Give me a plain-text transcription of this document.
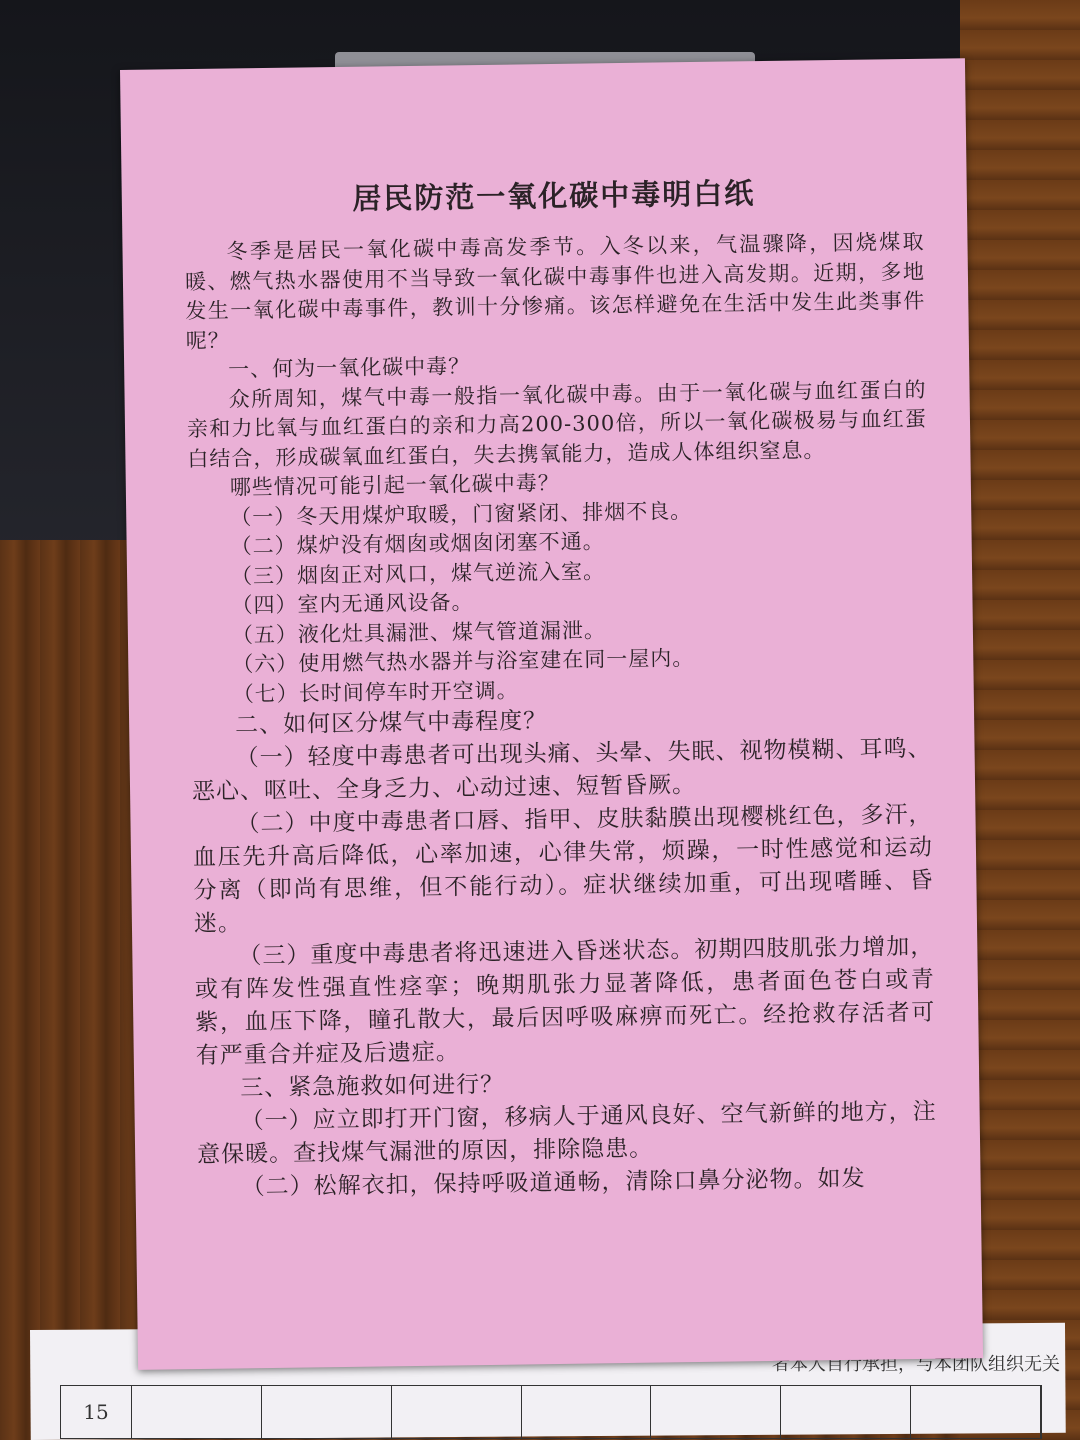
者本人自行承担，与本团队组织无关
15
居民防范一氧化碳中毒明白纸

冬季是居民一氧化碳中毒高发季节。入冬以来，气温骤降，因烧煤取暖、燃气热水器使用不当导致一氧化碳中毒事件也进入高发期。近期，多地发生一氧化碳中毒事件，教训十分惨痛。该怎样避免在生活中发生此类事件呢？

一、何为一氧化碳中毒？

众所周知，煤气中毒一般指一氧化碳中毒。由于一氧化碳与血红蛋白的亲和力比氧与血红蛋白的亲和力高200-300倍，所以一氧化碳极易与血红蛋白结合，形成碳氧血红蛋白，失去携氧能力，造成人体组织窒息。

哪些情况可能引起一氧化碳中毒？

（一）冬天用煤炉取暖，门窗紧闭、排烟不良。

（二）煤炉没有烟囱或烟囱闭塞不通。

（三）烟囱正对风口，煤气逆流入室。

（四）室内无通风设备。

（五）液化灶具漏泄、煤气管道漏泄。

（六）使用燃气热水器并与浴室建在同一屋内。

（七）长时间停车时开空调。

二、如何区分煤气中毒程度？

（一）轻度中毒患者可出现头痛、头晕、失眠、视物模糊、耳鸣、恶心、呕吐、全身乏力、心动过速、短暂昏厥。

（二）中度中毒患者口唇、指甲、皮肤黏膜出现樱桃红色，多汗，血压先升高后降低，心率加速，心律失常，烦躁，一时性感觉和运动分离（即尚有思维，但不能行动）。症状继续加重，可出现嗜睡、昏迷。

（三）重度中毒患者将迅速进入昏迷状态。初期四肢肌张力增加，或有阵发性强直性痉挛；晚期肌张力显著降低，患者面色苍白或青紫，血压下降，瞳孔散大，最后因呼吸麻痹而死亡。经抢救存活者可有严重合并症及后遗症。

三、紧急施救如何进行？

（一）应立即打开门窗，移病人于通风良好、空气新鲜的地方，注意保暖。查找煤气漏泄的原因，排除隐患。

（二）松解衣扣，保持呼吸道通畅，清除口鼻分泌物。如发
